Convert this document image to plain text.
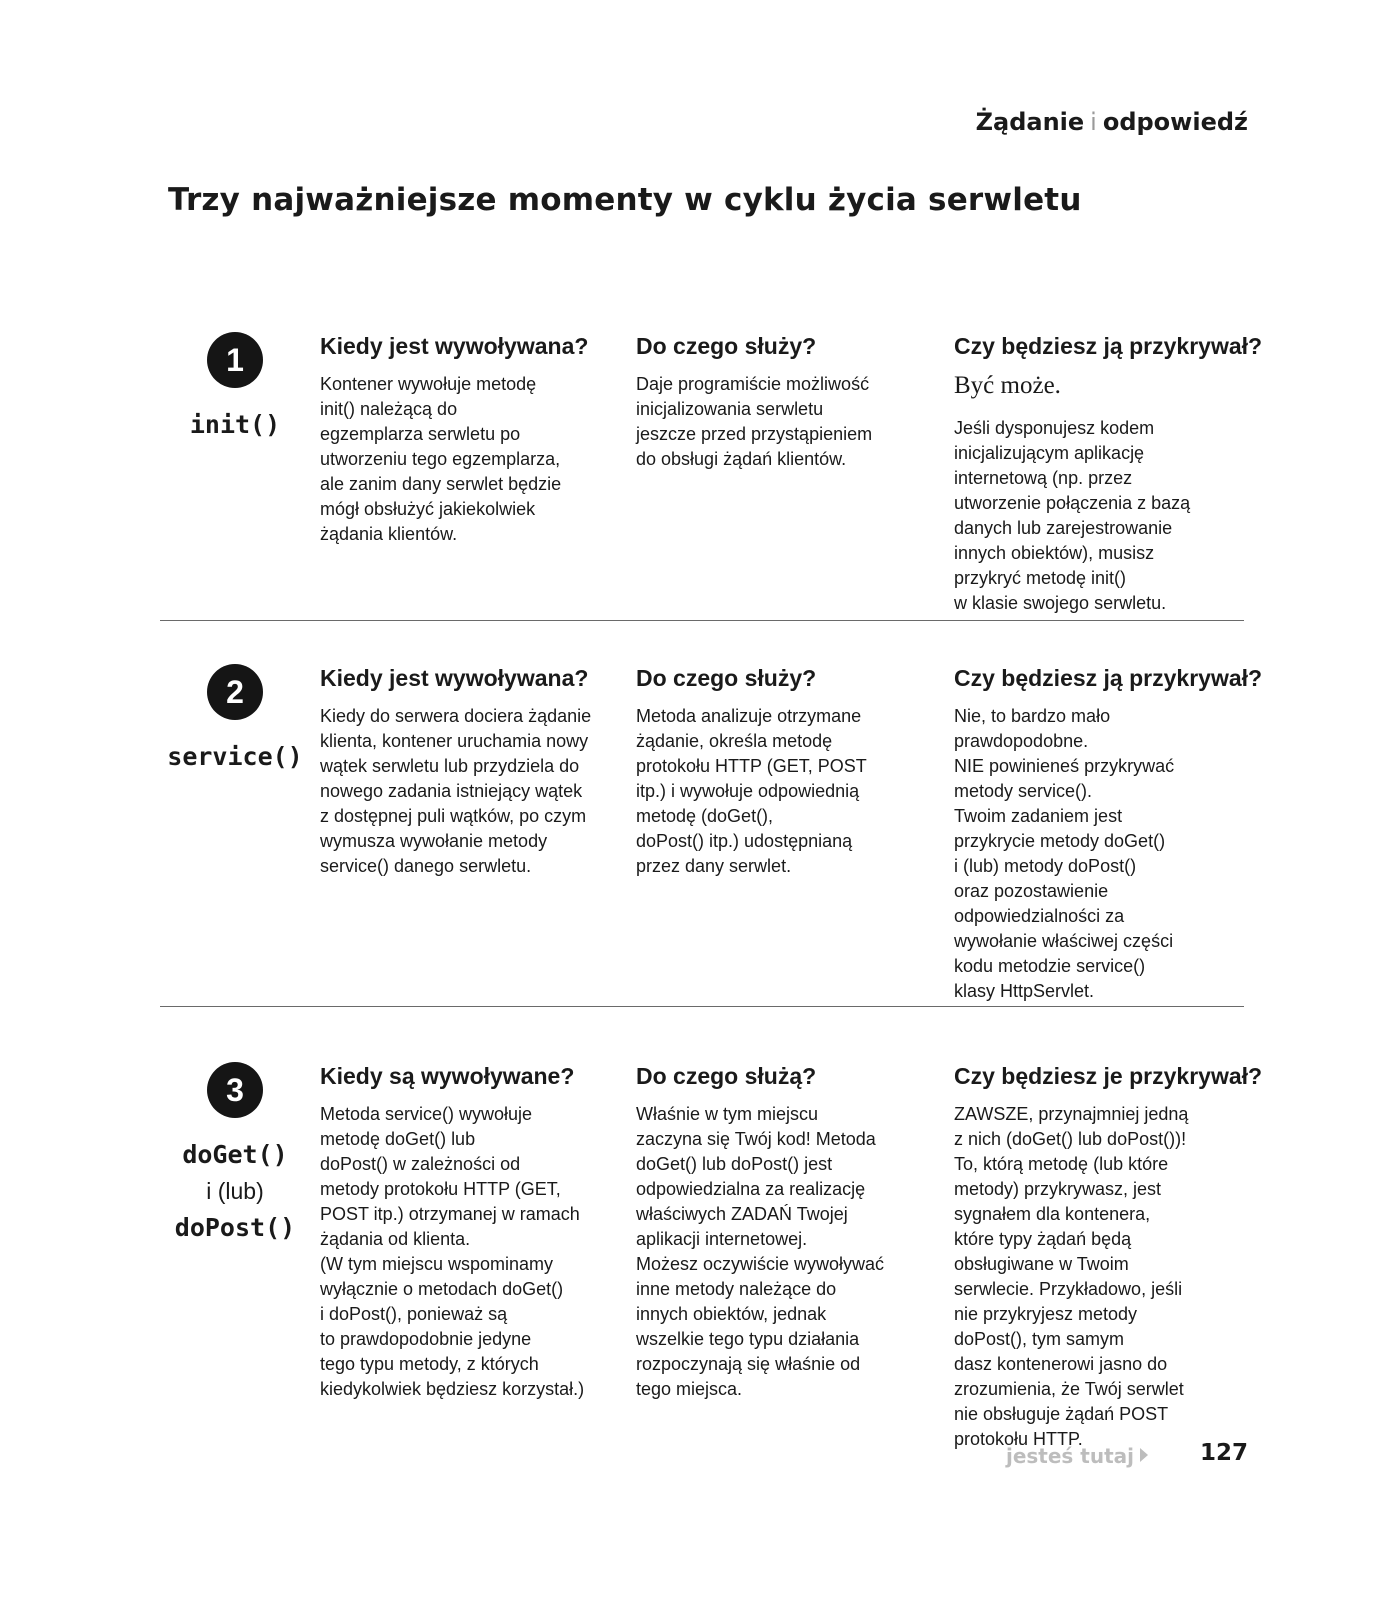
Żądanie i odpowiedź
Trzy najważniejsze momenty w cyklu życia serwletu
1
init()

Kiedy jest wywoływana?

Kontener wywołuje metodę
init() należącą do
egzemplarza serwletu po
utworzeniu tego egzemplarza,
ale zanim dany serwlet będzie
mógł obsłużyć jakiekolwiek
żądania klientów.

Do czego służy?

Daje programiście możliwość
inicjalizowania serwletu
jeszcze przed przystąpieniem
do obsługi żądań klientów.

Czy będziesz ją przykrywał?

Być może.

Jeśli dysponujesz kodem
inicjalizującym aplikację
internetową (np. przez
utworzenie połączenia z bazą
danych lub zarejestrowanie
innych obiektów), musisz
przykryć metodę init()
w klasie swojego serwletu.

2
service()

Kiedy jest wywoływana?

Kiedy do serwera dociera żądanie
klienta, kontener uruchamia nowy
wątek serwletu lub przydziela do
nowego zadania istniejący wątek
z dostępnej puli wątków, po czym
wymusza wywołanie metody
service() danego serwletu.

Do czego służy?

Metoda analizuje otrzymane
żądanie, określa metodę
protokołu HTTP (GET, POST
itp.) i wywołuje odpowiednią
metodę (doGet(),
doPost() itp.) udostępnianą
przez dany serwlet.

Czy będziesz ją przykrywał?

Nie, to bardzo mało
prawdopodobne.
NIE powinieneś przykrywać
metody service().
Twoim zadaniem jest
przykrycie metody doGet()
i (lub) metody doPost()
oraz pozostawienie
odpowiedzialności za
wywołanie właściwej części
kodu metodzie service()
klasy HttpServlet.

3
doGet()
i (lub)
doPost()

Kiedy są wywoływane?

Metoda service() wywołuje
metodę doGet() lub
doPost() w zależności od
metody protokołu HTTP (GET,
POST itp.) otrzymanej w ramach
żądania od klienta.
(W tym miejscu wspominamy
wyłącznie o metodach doGet()
i doPost(), ponieważ są
to prawdopodobnie jedyne
tego typu metody, z których
kiedykolwiek będziesz korzystał.)

Do czego służą?

Właśnie w tym miejscu
zaczyna się Twój kod! Metoda
doGet() lub doPost() jest
odpowiedzialna za realizację
właściwych ZADAŃ Twojej
aplikacji internetowej.
Możesz oczywiście wywoływać
inne metody należące do
innych obiektów, jednak
wszelkie tego typu działania
rozpoczynają się właśnie od
tego miejsca.

Czy będziesz je przykrywał?

ZAWSZE, przynajmniej jedną
z nich (doGet() lub doPost())!
To, którą metodę (lub które
metody) przykrywasz, jest
sygnałem dla kontenera,
które typy żądań będą
obsługiwane w Twoim
serwlecie. Przykładowo, jeśli
nie przykryjesz metody
doPost(), tym samym
dasz kontenerowi jasno do
zrozumienia, że Twój serwlet
nie obsługuje żądań POST
protokołu HTTP.

jesteś tutaj	127
